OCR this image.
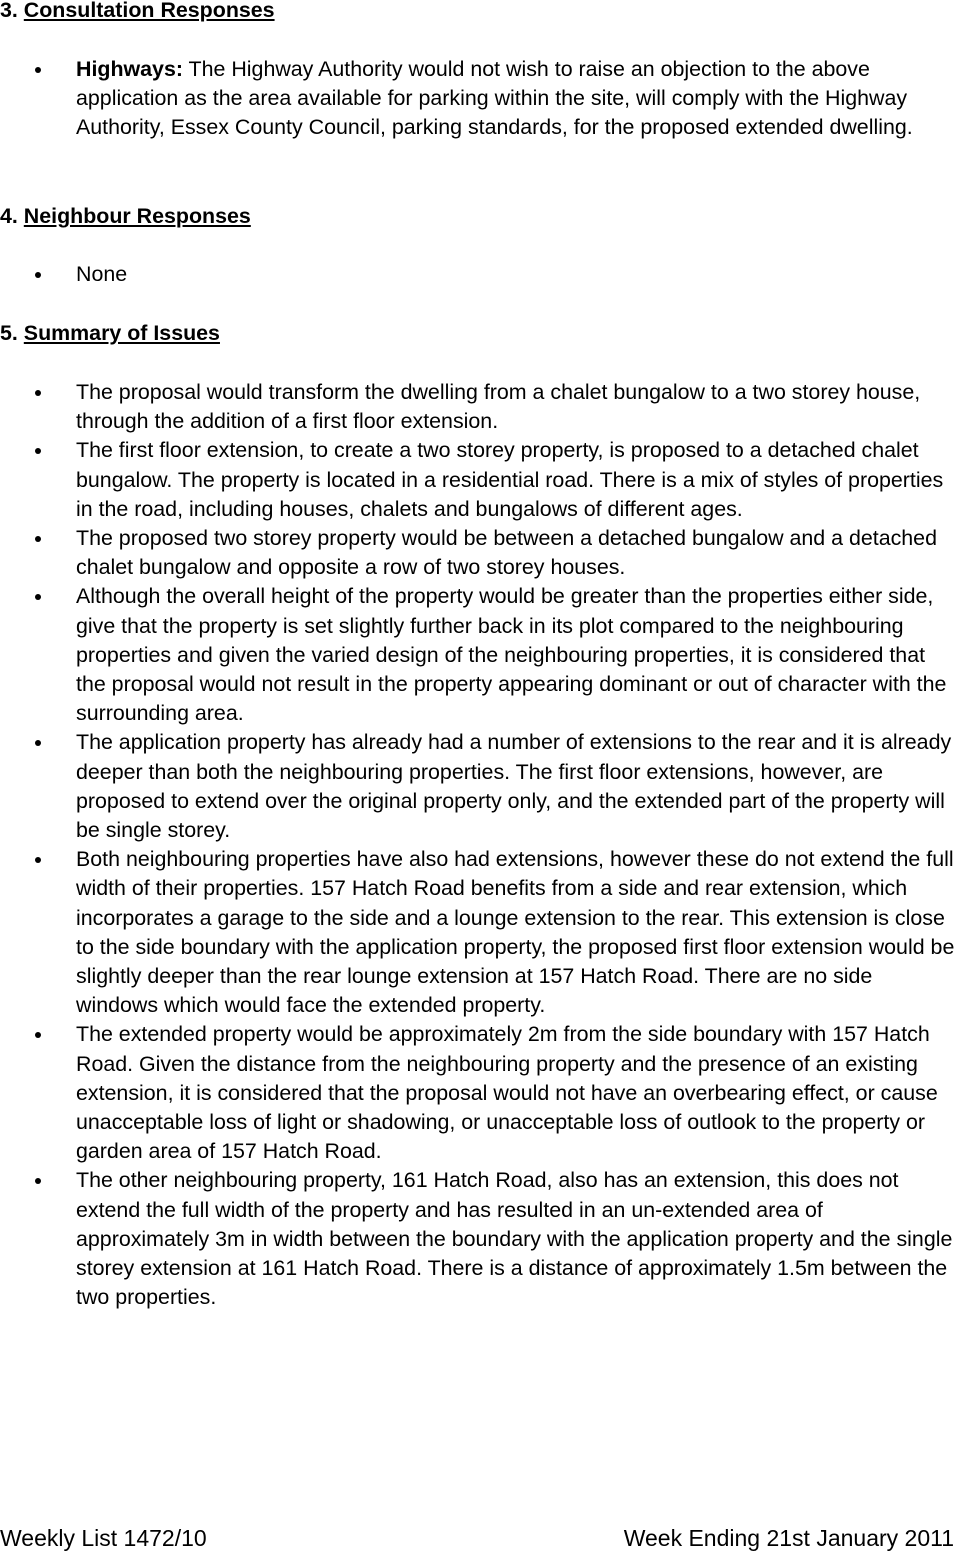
3. Consultation Responses
Highways: The Highway Authority would not wish to raise an objection to the above application as the area available for parking within the site, will comply with the Highway Authority, Essex County Council, parking standards, for the proposed extended dwelling.
4. Neighbour Responses
None
5. Summary of Issues
The proposal would transform the dwelling from a chalet bungalow to a two storey house, through the addition of a first floor extension.
The first floor extension, to create a two storey property, is proposed to a detached chalet bungalow. The property is located in a residential road. There is a mix of styles of properties in the road, including houses, chalets and bungalows of different ages.
The proposed two storey property would be between a detached bungalow and a detached chalet bungalow and opposite a row of two storey houses.
Although the overall height of the property would be greater than the properties either side, give that the property is set slightly further back in its plot compared to the neighbouring properties and given the varied design of the neighbouring properties, it is considered that the proposal would not result in the property appearing dominant or out of character with the surrounding area.
The application property has already had a number of extensions to the rear and it is already deeper than both the neighbouring properties. The first floor extensions, however, are proposed to extend over the original property only, and the extended part of the property will be single storey.
Both neighbouring properties have also had extensions, however these do not extend the full width of their properties. 157 Hatch Road benefits from a side and rear extension, which incorporates a garage to the side and a lounge extension to the rear. This extension is close to the side boundary with the application property, the proposed first floor extension would be slightly deeper than the rear lounge extension at 157 Hatch Road. There are no side windows which would face the extended property.
The extended property would be approximately 2m from the side boundary with 157 Hatch Road. Given the distance from the neighbouring property and the presence of an existing extension, it is considered that the proposal would not have an overbearing effect, or cause unacceptable loss of light or shadowing, or unacceptable loss of outlook to the property or garden area of 157 Hatch Road.
The other neighbouring property, 161 Hatch Road, also has an extension, this does not extend the full width of the property and has resulted in an un-extended area of approximately 3m in width between the boundary with the application property and the single storey extension at 161 Hatch Road. There is a distance of approximately 1.5m between the two properties.
Weekly List 1472/10	Week Ending 21st January 2011
